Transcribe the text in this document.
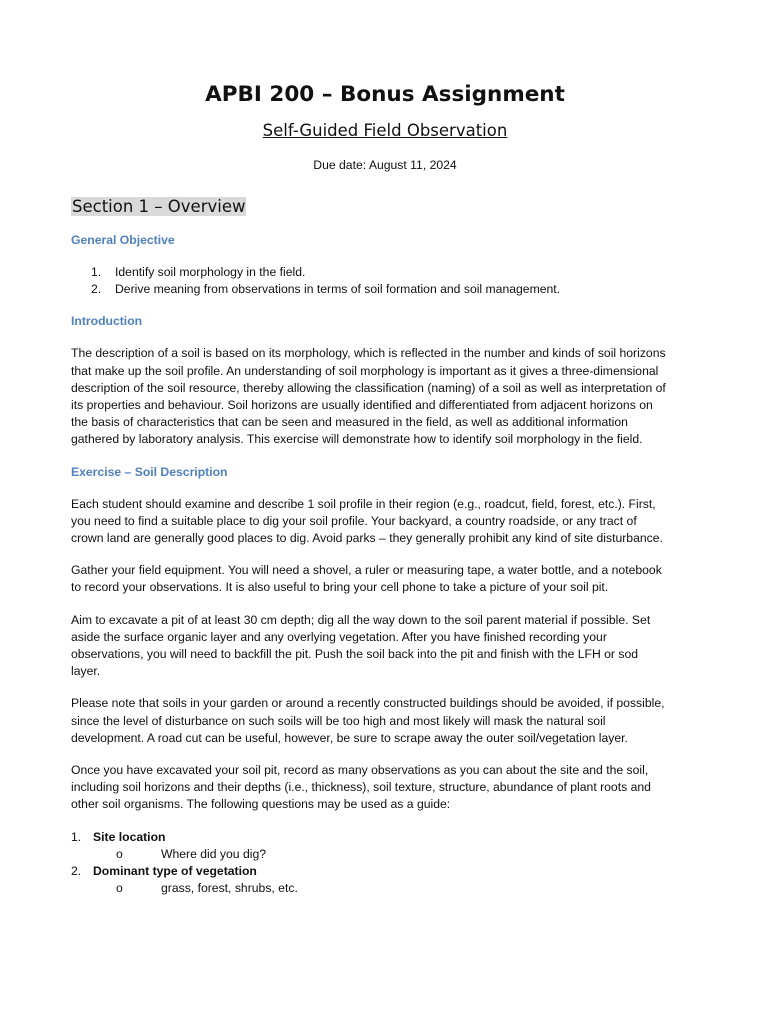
APBI 200 – Bonus Assignment
Self-Guided Field Observation
Due date: August 11, 2024
Section 1 – Overview
General Objective
1. Identify soil morphology in the field.
2. Derive meaning from observations in terms of soil formation and soil management.
Introduction

The description of a soil is based on its morphology, which is reflected in the number and kinds of soil horizons

that make up the soil profile. An understanding of soil morphology is important as it gives a three-dimensional

description of the soil resource, thereby allowing the classification (naming) of a soil as well as interpretation of

its properties and behaviour. Soil horizons are usually identified and differentiated from adjacent horizons on

the basis of characteristics that can be seen and measured in the field, as well as additional information

gathered by laboratory analysis. This exercise will demonstrate how to identify soil morphology in the field.

Exercise – Soil Description

Each student should examine and describe 1 soil profile in their region (e.g., roadcut, field, forest, etc.). First,

you need to find a suitable place to dig your soil profile. Your backyard, a country roadside, or any tract of

crown land are generally good places to dig. Avoid parks – they generally prohibit any kind of site disturbance.

Gather your field equipment. You will need a shovel, a ruler or measuring tape, a water bottle, and a notebook

to record your observations. It is also useful to bring your cell phone to take a picture of your soil pit.

Aim to excavate a pit of at least 30 cm depth; dig all the way down to the soil parent material if possible. Set

aside the surface organic layer and any overlying vegetation. After you have finished recording your

observations, you will need to backfill the pit. Push the soil back into the pit and finish with the LFH or sod

layer.

Please note that soils in your garden or around a recently constructed buildings should be avoided, if possible,

since the level of disturbance on such soils will be too high and most likely will mask the natural soil

development. A road cut can be useful, however, be sure to scrape away the outer soil/vegetation layer.

Once you have excavated your soil pit, record as many observations as you can about the site and the soil,

including soil horizons and their depths (i.e., thickness), soil texture, structure, abundance of plant roots and

other soil organisms. The following questions may be used as a guide:

1. Site location
o	Where did you dig?
2. Dominant type of vegetation
o	grass, forest, shrubs, etc.
